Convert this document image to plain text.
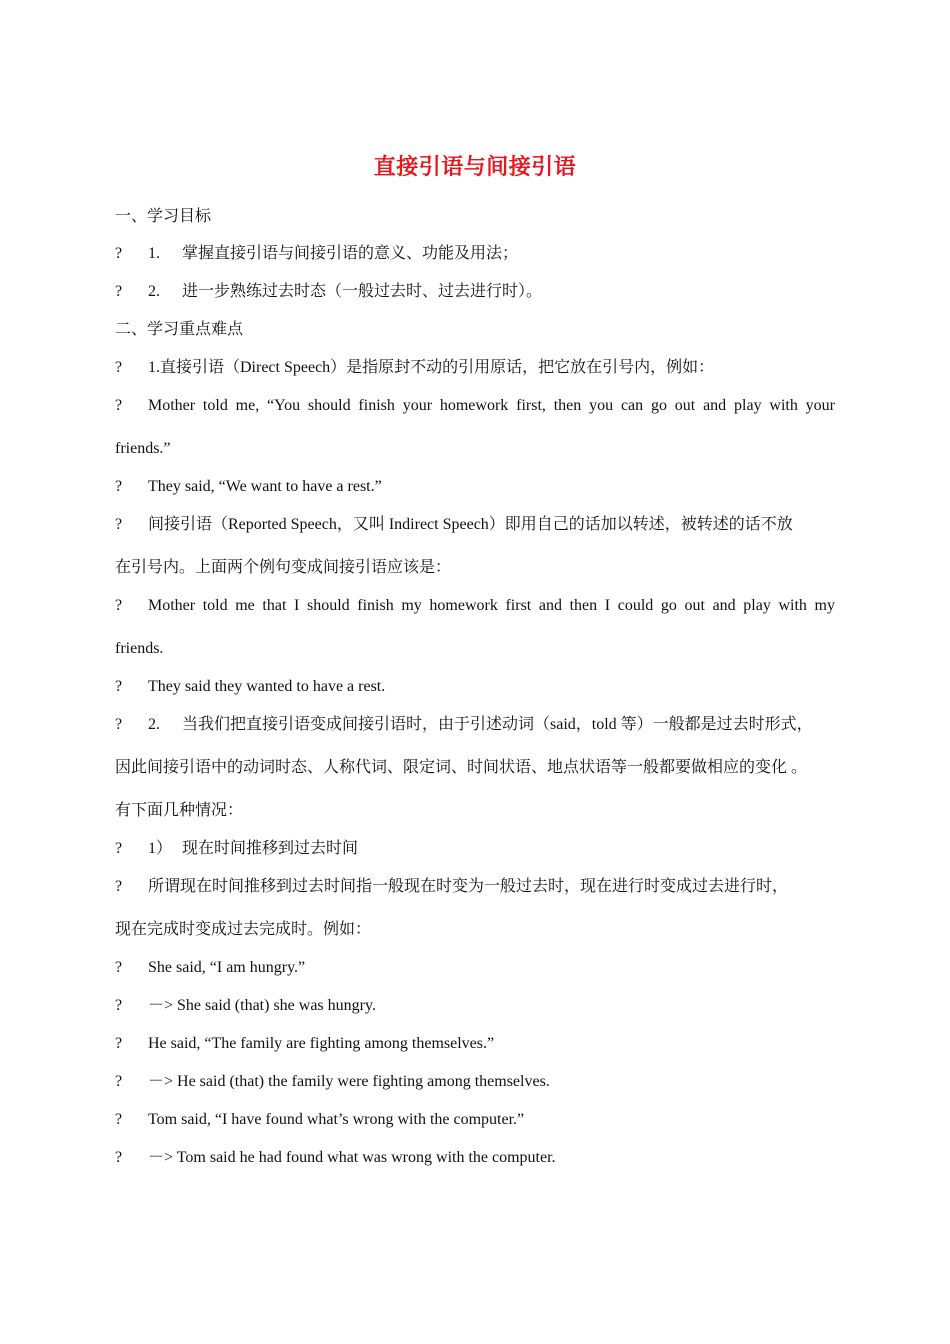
直接引语与间接引语
一、学习目标
? 1. 掌握直接引语与间接引语的意义、功能及用法；
? 2. 进一步熟练过去时态（一般过去时、过去进行时）。
二、学习重点难点
? 1.直接引语（Direct Speech）是指原封不动的引用原话，把它放在引号内，例如：
? Mother told me, “You should finish your homework first, then you can go out and play with your
friends.”
? They said, “We want to have a rest.”
? 间接引语（Reported Speech，又叫 Indirect Speech）即用自己的话加以转述，被转述的话不放
在引号内。上面两个例句变成间接引语应该是：
? Mother told me that I should finish my homework first and then I could go out and play with my
friends.
? They said they wanted to have a rest.
? 2. 当我们把直接引语变成间接引语时，由于引述动词（said，told 等）一般都是过去时形式，
因此间接引语中的动词时态、人称代词、限定词、时间状语、地点状语等一般都要做相应的变化 。
有下面几种情况：
? 1） 现在时间推移到过去时间
? 所谓现在时间推移到过去时间指一般现在时变为一般过去时，现在进行时变成过去进行时，
现在完成时变成过去完成时。例如：
? She said, “I am hungry.”
? －> She said (that) she was hungry.
? He said, “The family are fighting among themselves.”
? －> He said (that) the family were fighting among themselves.
? Tom said, “I have found what’s wrong with the computer.”
? －> Tom said he had found what was wrong with the computer.
